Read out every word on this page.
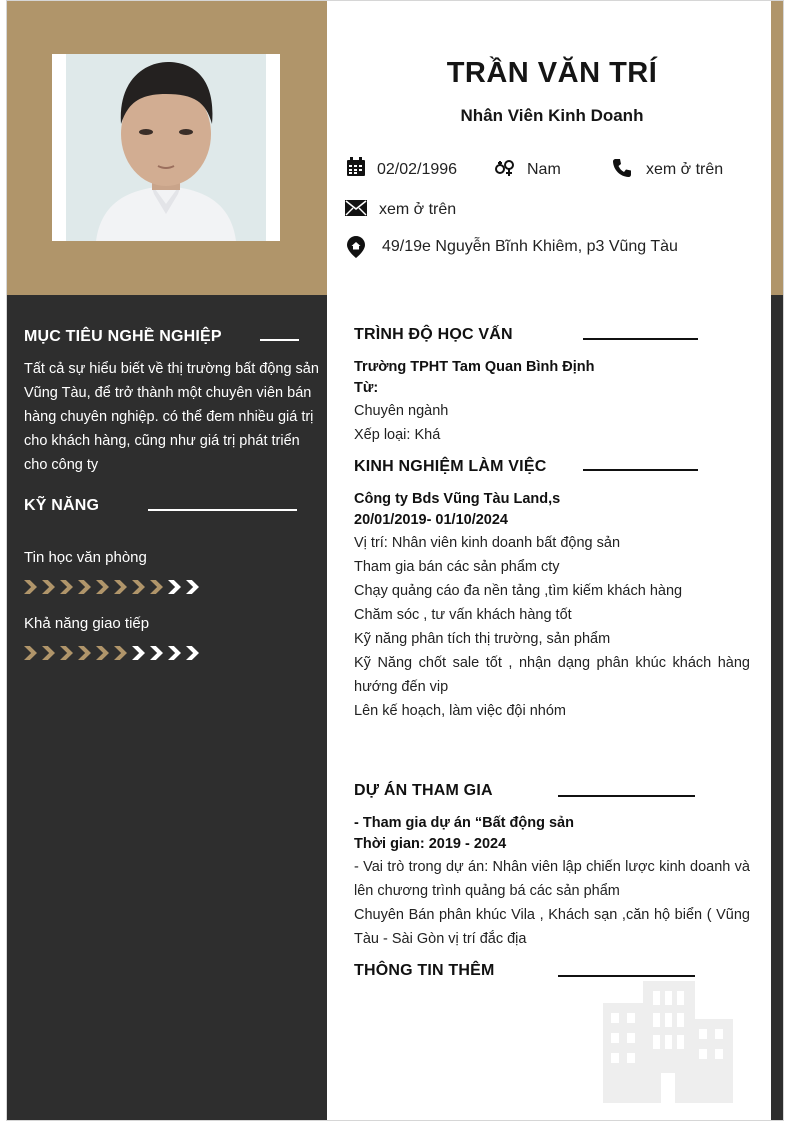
TRẦN VĂN TRÍ
Nhân Viên Kinh Doanh
02/02/1996	Nam	xem ở trên
xem ở trên
49/19e Nguyễn Bĩnh Khiêm, p3 Vũng Tàu
MỤC TIÊU NGHỀ NGHIỆP
Tất cả sự hiểu biết về thị trường bất động sản Vũng Tàu, để trở thành một chuyên viên bán hàng chuyên nghiệp. có thể đem nhiều giá trị cho khách hàng, cũng như giá trị phát triển cho công ty
KỸ NĂNG
Tin học văn phòng
Khả năng giao tiếp
TRÌNH ĐỘ HỌC VẤN
Trường TPHT Tam Quan Bình Định
Từ:
Chuyên ngành
Xếp loại: Khá
KINH NGHIỆM LÀM VIỆC
Công ty Bds Vũng Tàu Land,s
20/01/2019- 01/10/2024
Vị trí: Nhân viên kinh doanh bất động sản
Tham gia bán các sản phẩm cty
Chạy quảng cáo đa nền tảng ,tìm kiếm khách hàng
Chăm sóc , tư vấn khách hàng tốt
Kỹ năng phân tích thị trường, sản phẩm
Kỹ Năng chốt sale tốt , nhận dạng phân khúc khách hàng hướng đến vip
Lên kế hoạch, làm việc đội nhóm
DỰ ÁN THAM GIA
- Tham gia dự án “Bất động sản
Thời gian: 2019 - 2024
- Vai trò trong dự án: Nhân viên lập chiến lược kinh doanh và lên chương trình quảng bá các sản phẩm
Chuyên Bán phân khúc Vila , Khách sạn ,căn hộ biển ( Vũng Tàu - Sài Gòn vị trí đắc địa
THÔNG TIN THÊM
